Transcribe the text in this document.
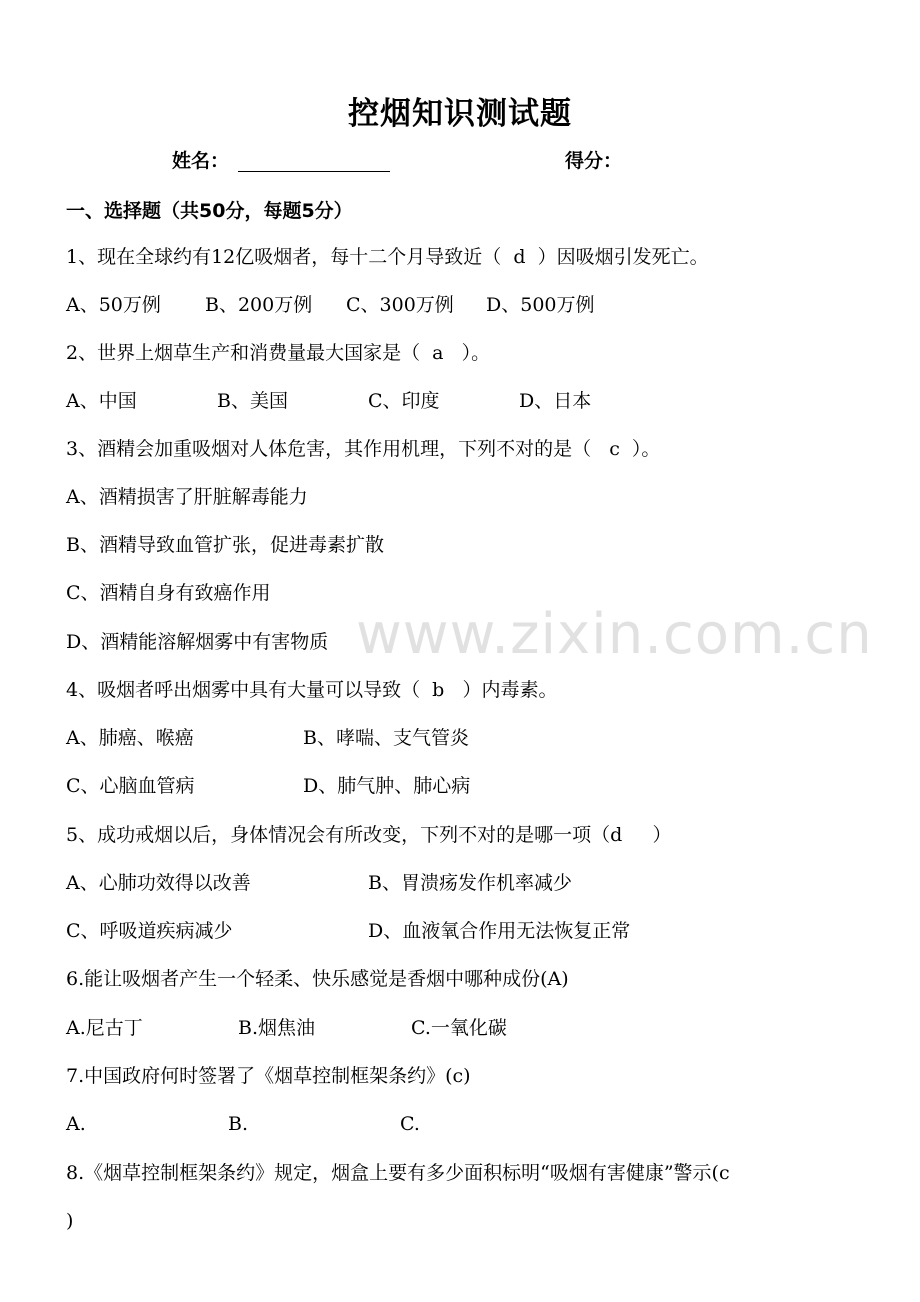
控烟知识测试题
姓名：	得分：
一、选择题（共50分，每题5分）
1、现在全球约有12亿吸烟者，每十二个月导致近（  d  ）因吸烟引发死亡。
A、50万例 B、200万例 C、300万例 D、500万例
2、世界上烟草生产和消费量最大国家是（  a   ）。
A、中国	B、美国	C、印度	D、日本
3、酒精会加重吸烟对人体危害，其作用机理，下列不对的是（   c  ）。
A、酒精损害了肝脏解毒能力
B、酒精导致血管扩张，促进毒素扩散
C、酒精自身有致癌作用
D、酒精能溶解烟雾中有害物质
4、吸烟者呼出烟雾中具有大量可以导致（  b   ）内毒素。
A、肺癌、喉癌	B、哮喘、支气管炎
C、心脑血管病	D、肺气肿、肺心病
5、成功戒烟以后，身体情况会有所改变，下列不对的是哪一项（d     ）
A、心肺功效得以改善	B、胃溃疡发作机率减少
C、呼吸道疾病减少	D、血液氧合作用无法恢复正常
6.能让吸烟者产生一个轻柔、快乐感觉是香烟中哪种成份(A)
A.尼古丁	B.烟焦油	C.一氧化碳
7.中国政府何时签署了《烟草控制框架条约》(c)
A.	B.	C.
8.《烟草控制框架条约》规定，烟盒上要有多少面积标明“吸烟有害健康”警示(c
)
www.zixin.com.cn
